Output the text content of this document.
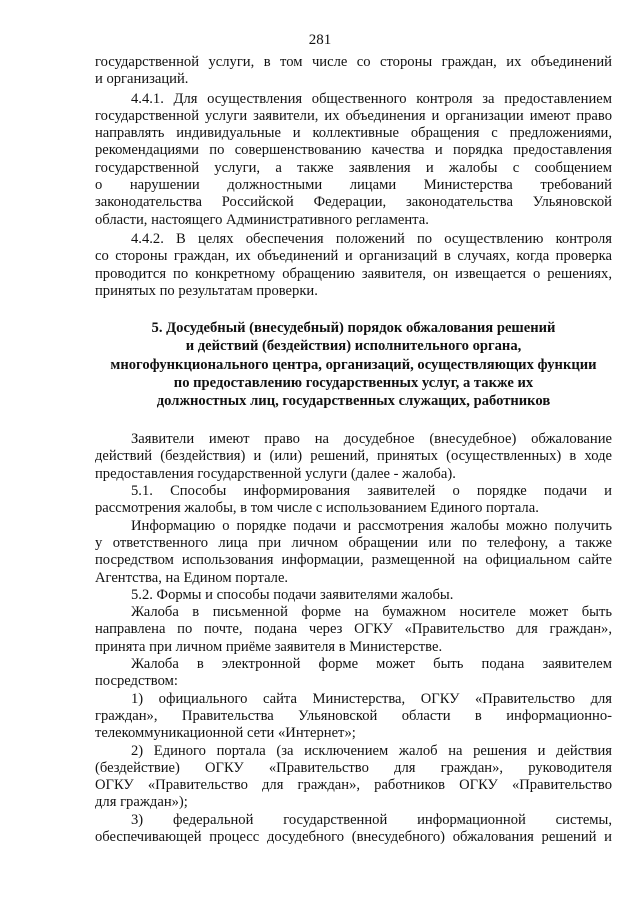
281
государственной услуги, в том числе со стороны граждан, их объединений
и организаций.
4.4.1. Для осуществления общественного контроля за предоставлением
государственной услуги заявители, их объединения и организации имеют право
направлять индивидуальные и коллективные обращения с предложениями,
рекомендациями по совершенствованию качества и порядка предоставления
государственной услуги, а также заявления и жалобы с сообщением
о нарушении должностными лицами Министерства требований
законодательства Российской Федерации, законодательства Ульяновской
области, настоящего Административного регламента.
4.4.2. В целях обеспечения положений по осуществлению контроля
со стороны граждан, их объединений и организаций в случаях, когда проверка
проводится по конкретному обращению заявителя, он извещается о решениях,
принятых по результатам проверки.
5. Досудебный (внесудебный) порядок обжалования решений
и действий (бездействия) исполнительного органа,
многофункционального центра, организаций, осуществляющих функции
по предоставлению государственных услуг, а также их
должностных лиц, государственных служащих, работников
Заявители имеют право на досудебное (внесудебное) обжалование
действий (бездействия) и (или) решений, принятых (осуществленных) в ходе
предоставления государственной услуги (далее - жалоба).
5.1. Способы информирования заявителей о порядке подачи и
рассмотрения жалобы, в том числе с использованием Единого портала.
Информацию о порядке подачи и рассмотрения жалобы можно получить
у ответственного лица при личном обращении или по телефону, а также
посредством использования информации, размещенной на официальном сайте
Агентства, на Едином портале.
5.2. Формы и способы подачи заявителями жалобы.
Жалоба в письменной форме на бумажном носителе может быть
направлена по почте, подана через ОГКУ «Правительство для граждан»,
принята при личном приёме заявителя в Министерстве.
Жалоба в электронной форме может быть подана заявителем
посредством:
1) официального сайта Министерства, ОГКУ «Правительство для
граждан», Правительства Ульяновской области в информационно-
телекоммуникационной сети «Интернет»;
2) Единого портала (за исключением жалоб на решения и действия
(бездействие) ОГКУ «Правительство для граждан», руководителя
ОГКУ «Правительство для граждан», работников ОГКУ «Правительство
для граждан»);
3) федеральной государственной информационной системы,
обеспечивающей процесс досудебного (внесудебного) обжалования решений и
